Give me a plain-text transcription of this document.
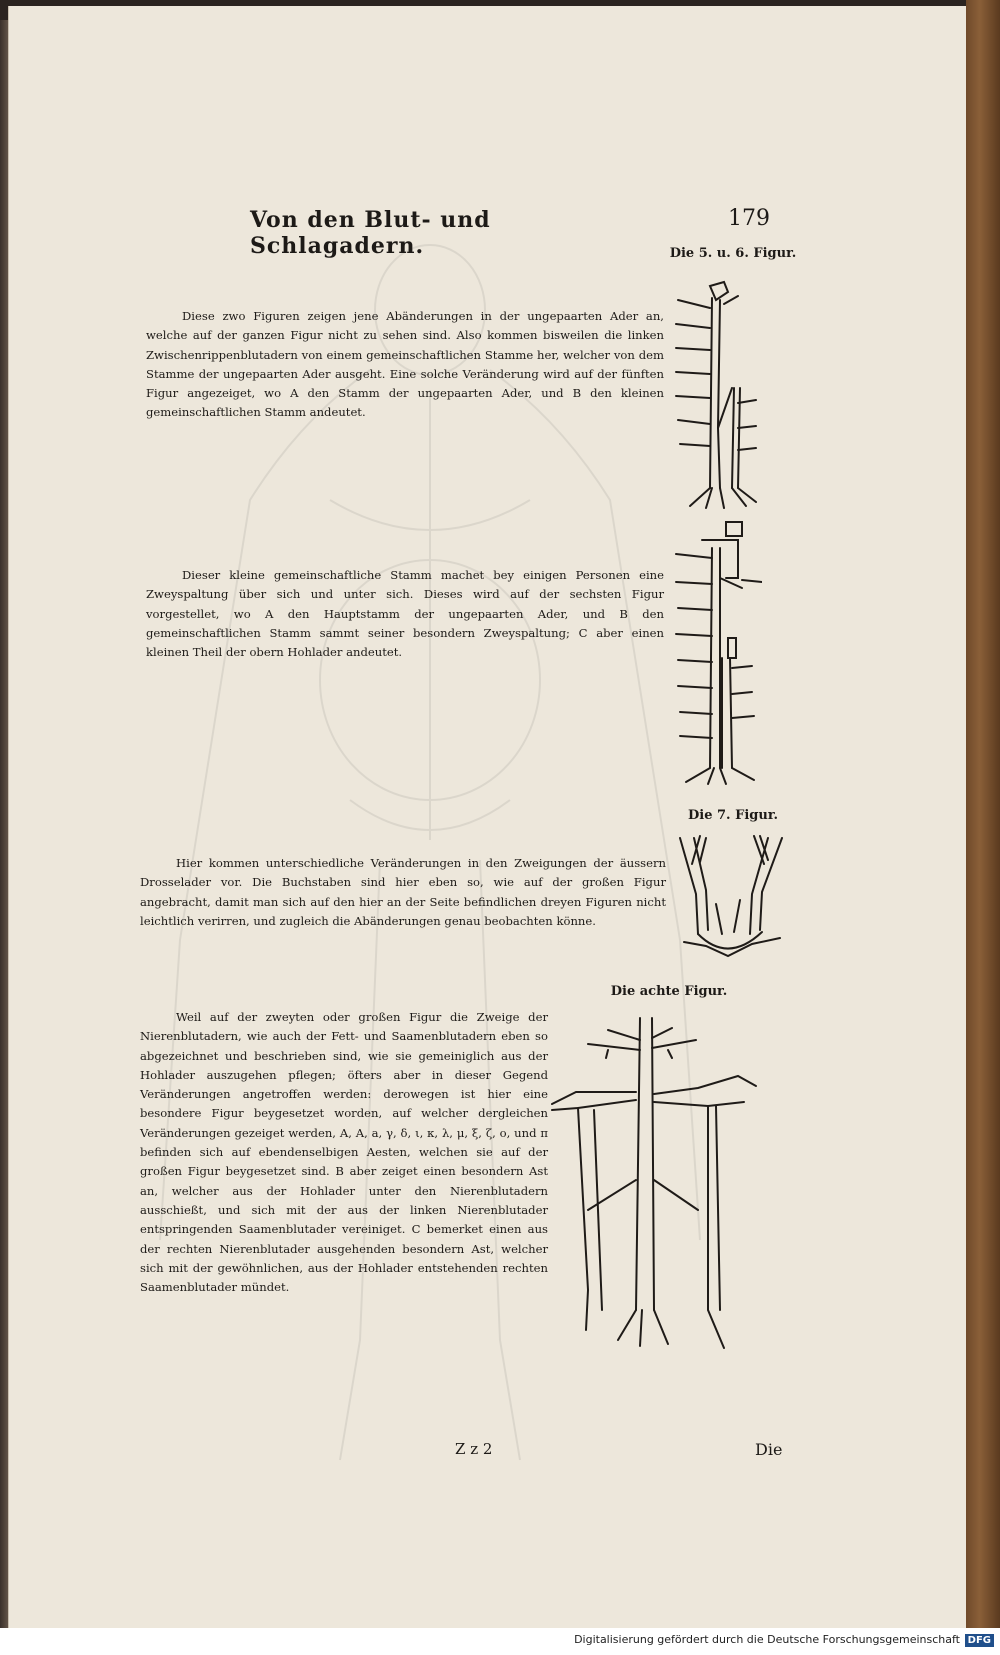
Von den Blut- und Schlagadern.
179
Die 5. u. 6. Figur.
Diese zwo Figuren zeigen jene Abänderungen in der ungepaarten Ader an, welche auf der ganzen Figur nicht zu sehen sind. Also kommen bisweilen die linken Zwischenrippenblutadern von einem gemeinschaftlichen Stamme her, welcher von dem Stamme der ungepaarten Ader ausgeht. Eine solche Veränderung wird auf der fünften Figur angezeiget, wo A den Stamm der ungepaarten Ader, und B den kleinen gemeinschaftlichen Stamm andeutet.
Dieser kleine gemeinschaftliche Stamm machet bey einigen Personen eine Zweyspaltung über sich und unter sich. Dieses wird auf der sechsten Figur vorgestellet, wo A den Hauptstamm der ungepaarten Ader, und B den gemeinschaftlichen Stamm sammt seiner besondern Zweyspaltung; C aber einen kleinen Theil der obern Hohlader andeutet.
Die 7. Figur.
Hier kommen unterschiedliche Veränderungen in den Zweigungen der äussern Drosselader vor. Die Buchstaben sind hier eben so, wie auf der großen Figur angebracht, damit man sich auf den hier an der Seite befindlichen dreyen Figuren nicht leichtlich verirren, und zugleich die Abänderungen genau beobachten könne.
Die achte Figur.
Weil auf der zweyten oder großen Figur die Zweige der Nierenblutadern, wie auch der Fett- und Saamenblutadern eben so abgezeichnet und beschrieben sind, wie sie gemeiniglich aus der Hohlader auszugehen pflegen; öfters aber in dieser Gegend Veränderungen angetroffen werden: derowegen ist hier eine besondere Figur beygesetzet worden, auf welcher dergleichen Veränderungen gezeiget werden, A, A, a, γ, δ, ι, κ, λ, μ, ξ, ζ, ο, und π befinden sich auf ebendenselbigen Aesten, welchen sie auf der großen Figur beygesetzet sind. B aber zeiget einen besondern Ast an, welcher aus der Hohlader unter den Nierenblutadern ausschießt, und sich mit der aus der linken Nierenblutader entspringenden Saamenblutader vereiniget. C bemerket einen aus der rechten Nierenblutader ausgehenden besondern Ast, welcher sich mit der gewöhnlichen, aus der Hohlader entstehenden rechten Saamenblutader mündet.
Z z 2	Die
Digitalisierung gefördert durch die Deutsche Forschungsgemeinschaft DFG
